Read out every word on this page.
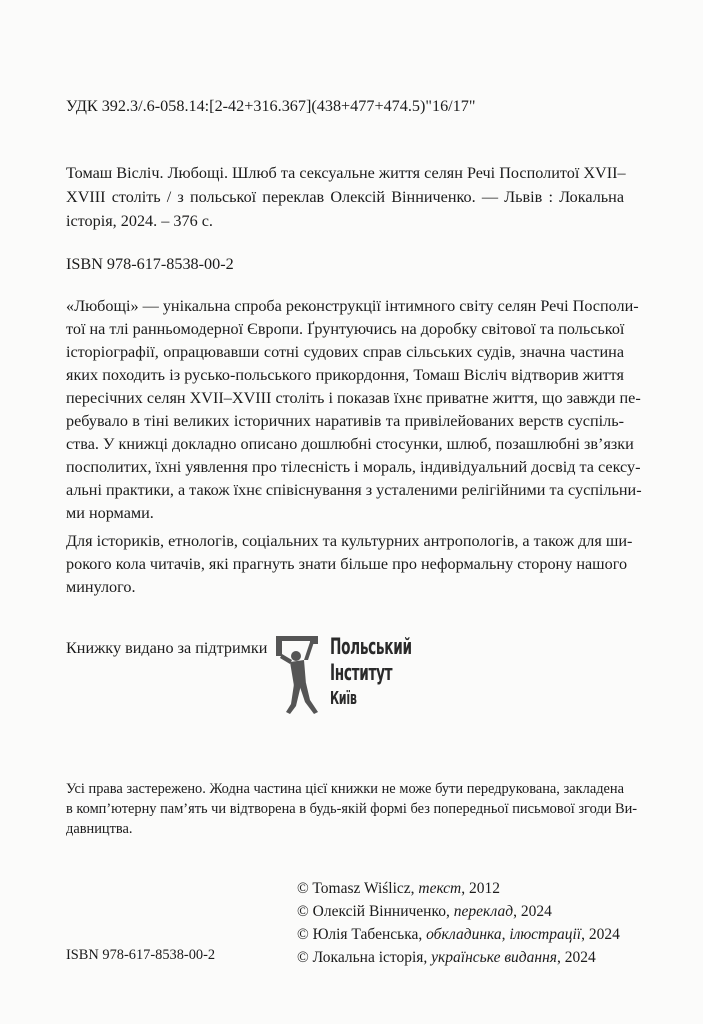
УДК 392.3/.6-058.14:[2-42+316.367](438+477+474.5)"16/17"
Томаш Вісліч. Любощі. Шлюб та сексуальне життя селян Речі Посполитої XVII–
XVIII століть / з польської переклав Олексій Вінниченко. — Львів : Локальна
історія, 2024. – 376 с.
ISBN 978-617-8538-00-2
«Любощі» — унікальна спроба реконструкції інтимного світу селян Речі Посполи-
тої на тлі ранньомодерної Європи. Ґрунтуючись на доробку світової та польської
історіографії, опрацювавши сотні судових справ сільських судів, значна частина
яких походить із русько-польського прикордоння, Томаш Вісліч відтворив життя
пересічних селян XVII–XVIII століть і показав їхнє приватне життя, що завжди пе-
ребувало в тіні великих історичних наративів та привілейованих верств суспіль-
ства. У книжці докладно описано дошлюбні стосунки, шлюб, позашлюбні зв’язки
посполитих, їхні уявлення про тілесність і мораль, індивідуальний досвід та сексу-
альні практики, а також їхнє співіснування з усталеними релігійними та суспільни-
ми нормами.
Для істориків, етнологів, соціальних та культурних антропологів, а також для ши-
рокого кола читачів, які прагнуть знати більше про неформальну сторону нашого
минулого.
Книжку видано за підтримки	Польський
Інститут
Київ
Усі права застережено. Жодна частина цієї книжки не може бути передрукована, закладена
в комп’ютерну пам’ять чи відтворена в будь-якій формі без попередньої письмової згоди Ви-
давництва.
ISBN 978-617-8538-00-2
© Tomasz Wiślicz, текст, 2012
© Олексій Вінниченко, переклад, 2024
© Юлія Табенська, обкладинка, ілюстрації, 2024
© Локальна історія, українське видання, 2024
